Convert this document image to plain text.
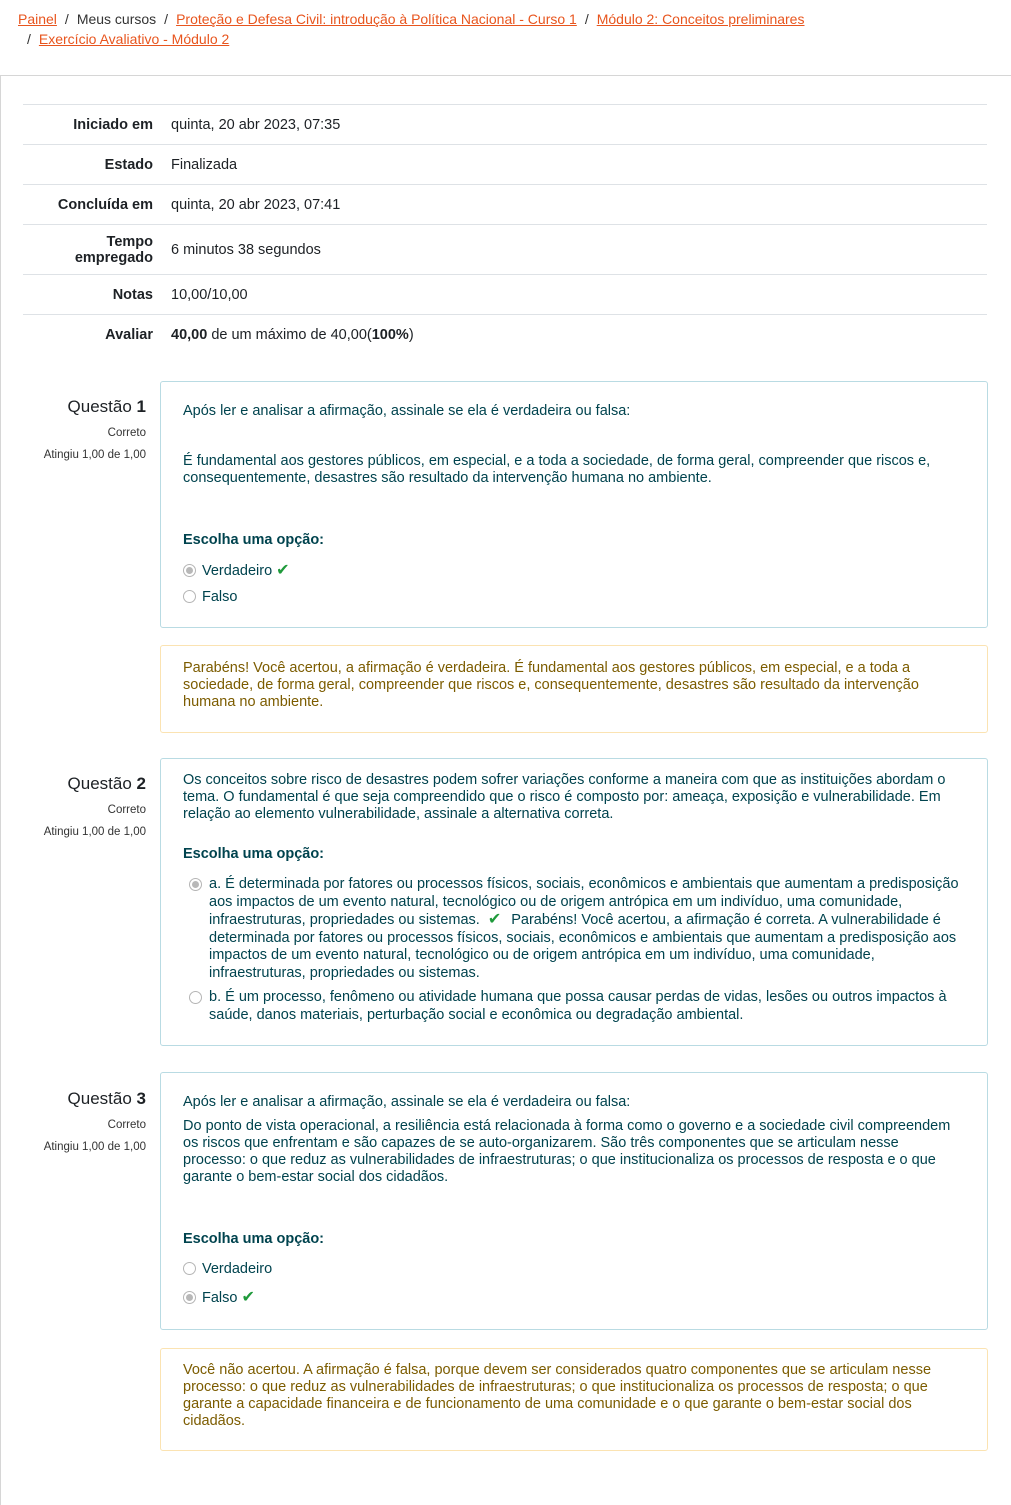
Painel / Meus cursos / Proteção e Defesa Civil: introdução à Política Nacional - Curso 1 / Módulo 2: Conceitos preliminares
/ Exercício Avaliativo - Módulo 2
Iniciado em	quinta, 20 abr 2023, 07:35
Estado	Finalizada
Concluída em	quinta, 20 abr 2023, 07:41
Tempo
empregado	6 minutos 38 segundos
Notas	10,00/10,00
Avaliar	40,00 de um máximo de 40,00(100%)
Questão 1
Correto
Atingiu 1,00 de 1,00

Após ler e analisar a afirmação, assinale se ela é verdadeira ou falsa:

É fundamental aos gestores públicos, em especial, e a toda a sociedade, de forma geral, compreender que riscos e, consequentemente, desastres são resultado da intervenção humana no ambiente.

Escolha uma opção:

Verdadeiro ✔
Falso

Parabéns! Você acertou, a afirmação é verdadeira. É fundamental aos gestores públicos, em especial, e a toda a sociedade, de forma geral, compreender que riscos e, consequentemente, desastres são resultado da intervenção humana no ambiente.

Questão 2
Correto
Atingiu 1,00 de 1,00

Os conceitos sobre risco de desastres podem sofrer variações conforme a maneira com que as instituições abordam o tema. O fundamental é que seja compreendido que o risco é composto por: ameaça, exposição e vulnerabilidade. Em relação ao elemento vulnerabilidade, assinale a alternativa correta.

Escolha uma opção:

a. É determinada por fatores ou processos físicos, sociais, econômicos e ambientais que aumentam a predisposição aos impactos de um evento natural, tecnológico ou de origem antrópica em um indivíduo, uma comunidade, infraestruturas, propriedades ou sistemas. ✔ Parabéns! Você acertou, a afirmação é correta. A vulnerabilidade é determinada por fatores ou processos físicos, sociais, econômicos e ambientais que aumentam a predisposição aos impactos de um evento natural, tecnológico ou de origem antrópica em um indivíduo, uma comunidade, infraestruturas, propriedades ou sistemas.
b. É um processo, fenômeno ou atividade humana que possa causar perdas de vidas, lesões ou outros impactos à saúde, danos materiais, perturbação social e econômica ou degradação ambiental.
Questão 3
Correto
Atingiu 1,00 de 1,00

Após ler e analisar a afirmação, assinale se ela é verdadeira ou falsa:

Do ponto de vista operacional, a resiliência está relacionada à forma como o governo e a sociedade civil compreendem os riscos que enfrentam e são capazes de se auto-organizarem. São três componentes que se articulam nesse processo: o que reduz as vulnerabilidades de infraestruturas; o que institucionaliza os processos de resposta e o que garante o bem-estar social dos cidadãos.

Escolha uma opção:

Verdadeiro
Falso ✔

Você não acertou. A afirmação é falsa, porque devem ser considerados quatro componentes que se articulam nesse processo: o que reduz as vulnerabilidades de infraestruturas; o que institucionaliza os processos de resposta; o que garante a capacidade financeira e de funcionamento de uma comunidade e o que garante o bem-estar social dos cidadãos.
